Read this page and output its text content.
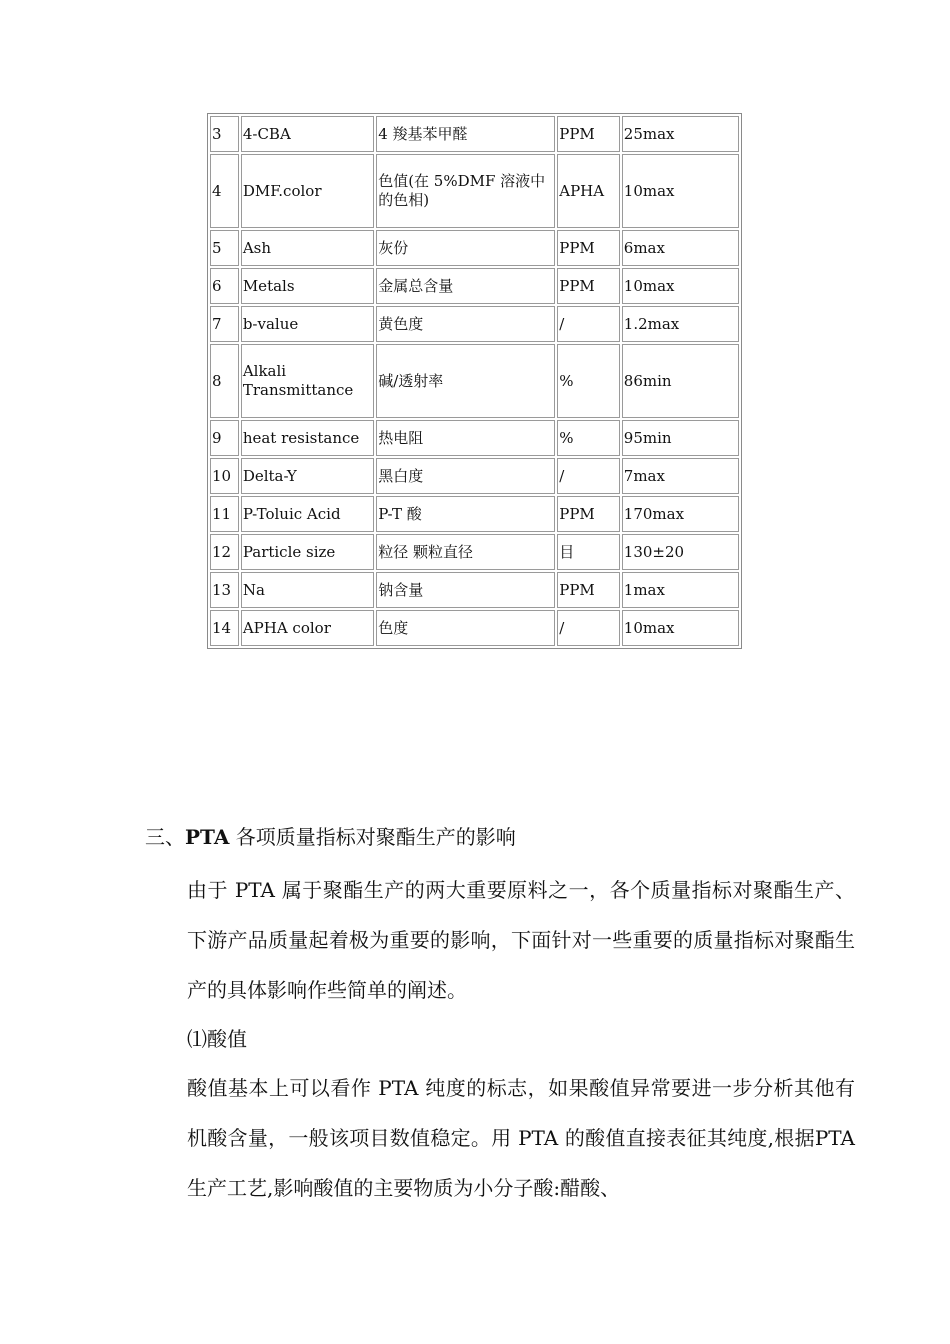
3	4-CBA	4 羧基苯甲醛	PPM	25max
4	DMF.color	色值(在 5%DMF 溶液中的色相)	APHA	10max
5	Ash	灰份	PPM	6max
6	Metals	金属总含量	PPM	10max
7	b-value	黄色度	/	1.2max
8	Alkali Transmittance	碱/透射率	%	86min
9	heat resistance	热电阻	%	95min
10	Delta-Y	黑白度	/	7max
11	P-Toluic Acid	P-T 酸	PPM	170max
12	Particle size	粒径 颗粒直径	目	130±20
13	Na	钠含量	PPM	1max
14	APHA color	色度	/	10max
三、PTA 各项质量指标对聚酯生产的影响
由于 PTA 属于聚酯生产的两大重要原料之一，各个质量指标对聚酯生产、下游产品质量起着极为重要的影响，下面针对一些重要的质量指标对聚酯生产的具体影响作些简单的阐述。
⑴酸值
酸值基本上可以看作 PTA 纯度的标志，如果酸值异常要进一步分析其他有机酸含量，一般该项目数值稳定。用 PTA 的酸值直接表征其纯度,根据PTA 生产工艺,影响酸值的主要物质为小分子酸:醋酸、
